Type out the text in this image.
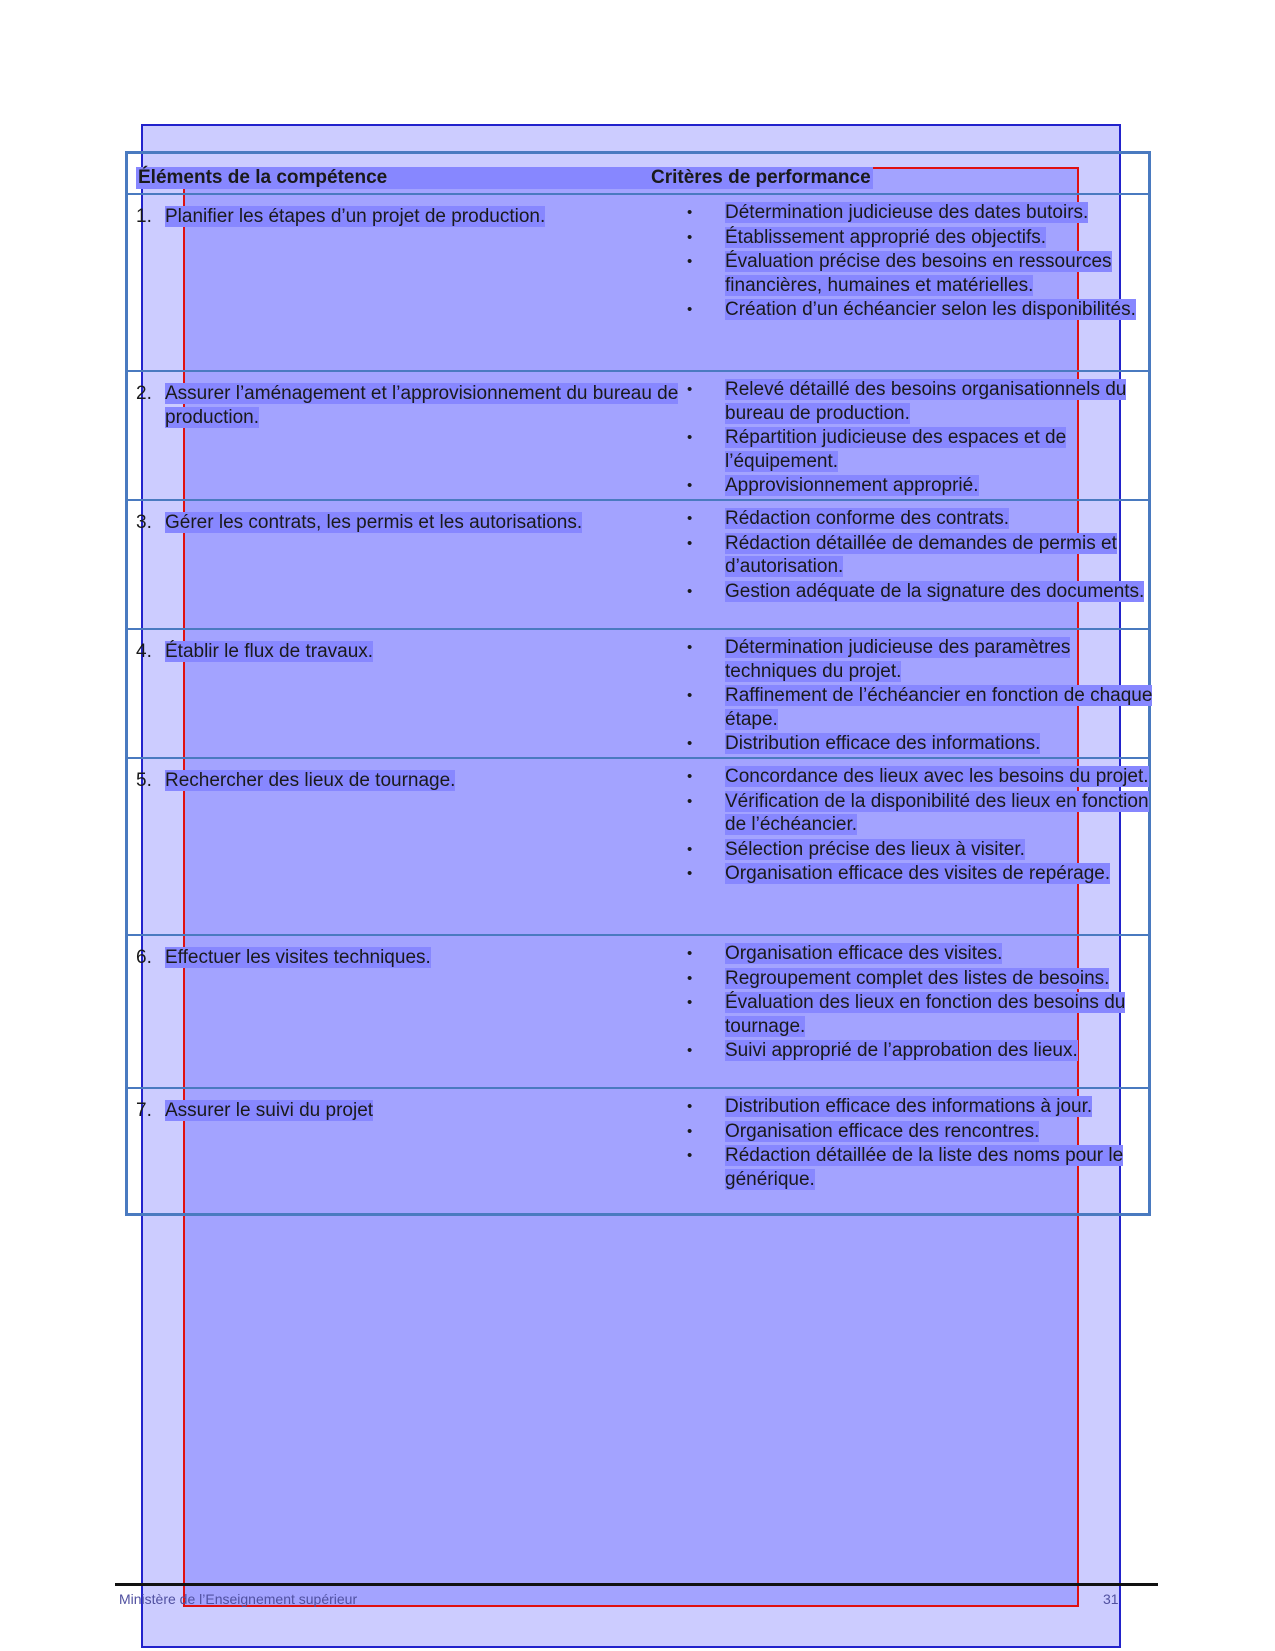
Éléments de la compétence	Critères de performance
1. Planifier les étapes d’un projet de production.	•	Détermination judicieuse des dates butoirs.
•	Établissement approprié des objectifs.
•	Évaluation précise des besoins en ressources financières, humaines et matérielles.
•	Création d’un échéancier selon les disponibilités.
2. Assurer l’aménagement et l’approvisionnement du bureau de production.
•	Relevé détaillé des besoins organisationnels du bureau de production.
•	Répartition judicieuse des espaces et de l’équipement.
•	Approvisionnement approprié.
3. Gérer les contrats, les permis et les autorisations.	•	Rédaction conforme des contrats.
•	Rédaction détaillée de demandes de permis et d’autorisation.
•	Gestion adéquate de la signature des documents.
4. Établir le flux de travaux.	•	Détermination judicieuse des paramètres techniques du projet.
•	Raffinement de l’échéancier en fonction de chaque étape.
•	Distribution efficace des informations.
5. Rechercher des lieux de tournage.	•	Concordance des lieux avec les besoins du projet.
•	Vérification de la disponibilité des lieux en fonction de l’échéancier.
•	Sélection précise des lieux à visiter.
•	Organisation efficace des visites de repérage.
6. Effectuer les visites techniques.	•	Organisation efficace des visites.
•	Regroupement complet des listes de besoins.
•	Évaluation des lieux en fonction des besoins du tournage.
•	Suivi approprié de l’approbation des lieux.
7. Assurer le suivi du projet	•	Distribution efficace des informations à jour.
•	Organisation efficace des rencontres.
•	Rédaction détaillée de la liste des noms pour le générique.
Ministère de l’Enseignement supérieur	31
